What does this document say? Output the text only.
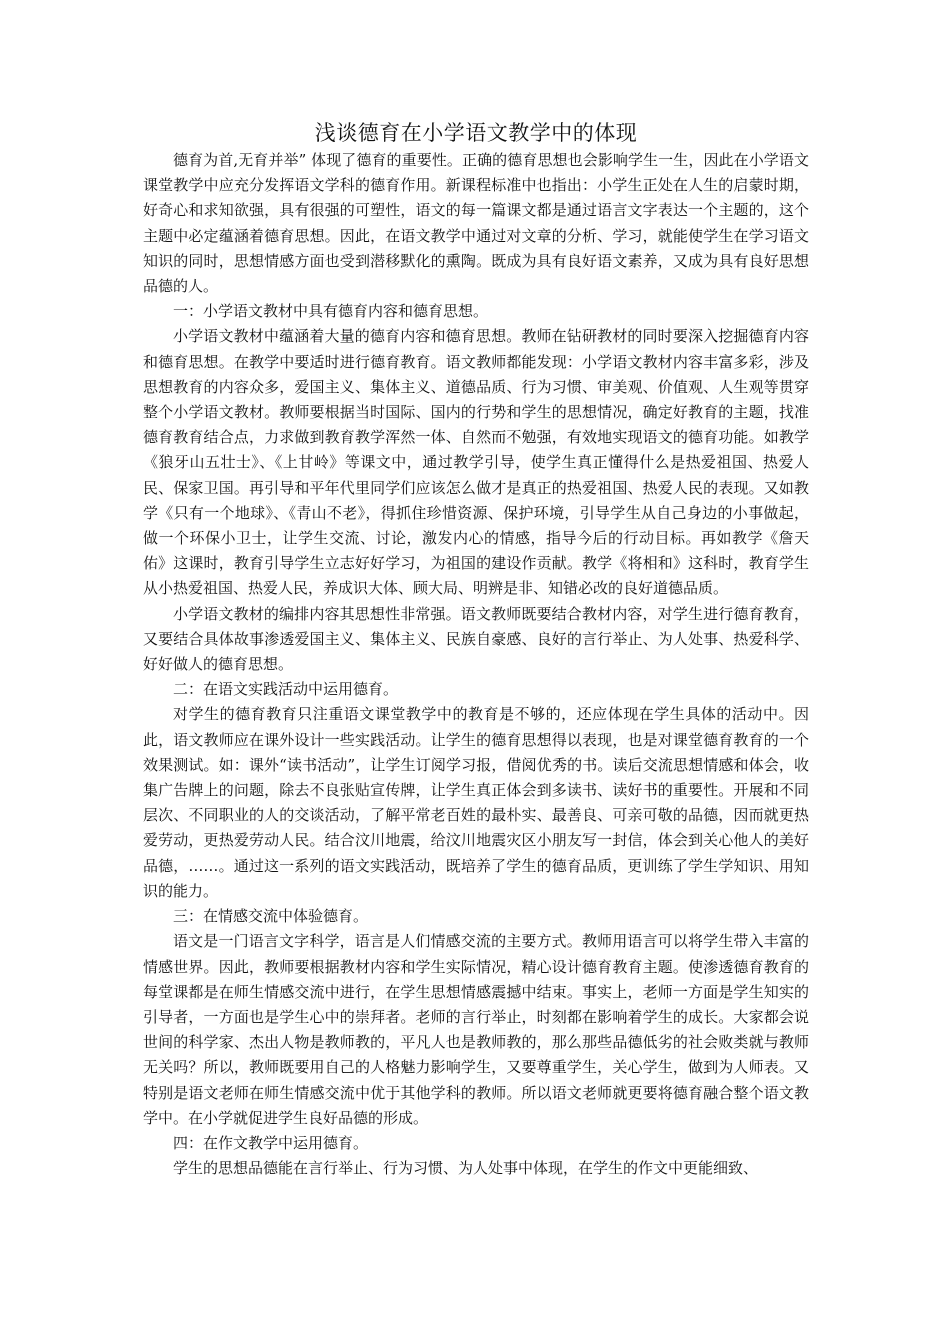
浅谈德育在小学语文教学中的体现

德育为首,无育并举” 体现了德育的重要性。正确的德育思想也会影响学生一生，因此在小学语文课堂教学中应充分发挥语文学科的德育作用。新课程标准中也指出：小学生正处在人生的启蒙时期，好奇心和求知欲强，具有很强的可塑性，语文的每一篇课文都是通过语言文字表达一个主题的，这个主题中必定蕴涵着德育思想。因此，在语文教学中通过对文章的分析、学习，就能使学生在学习语文知识的同时，思想情感方面也受到潜移默化的熏陶。既成为具有良好语文素养，又成为具有良好思想品德的人。

一：小学语文教材中具有德育内容和德育思想。

小学语文教材中蕴涵着大量的德育内容和德育思想。教师在钻研教材的同时要深入挖掘德育内容和德育思想。在教学中要适时进行德育教育。语文教师都能发现：小学语文教材内容丰富多彩，涉及思想教育的内容众多，爱国主义、集体主义、道德品质、行为习惯、审美观、价值观、人生观等贯穿整个小学语文教材。教师要根据当时国际、国内的行势和学生的思想情况，确定好教育的主题，找准德育教育结合点，力求做到教育教学浑然一体、自然而不勉强，有效地实现语文的德育功能。如教学《狼牙山五壮士》、《上甘岭》等课文中，通过教学引导，使学生真正懂得什么是热爱祖国、热爱人民、保家卫国。再引导和平年代里同学们应该怎么做才是真正的热爱祖国、热爱人民的表现。又如教学《只有一个地球》、《青山不老》，得抓住珍惜资源、保护环境，引导学生从自己身边的小事做起，做一个环保小卫士，让学生交流、讨论，激发内心的情感，指导今后的行动目标。再如教学《詹天佑》这课时，教育引导学生立志好好学习，为祖国的建设作贡献。教学《将相和》这科时，教育学生从小热爱祖国、热爱人民，养成识大体、顾大局、明辨是非、知错必改的良好道德品质。

小学语文教材的编排内容其思想性非常强。语文教师既要结合教材内容，对学生进行德育教育，又要结合具体故事渗透爱国主义、集体主义、民族自豪感、良好的言行举止、为人处事、热爱科学、好好做人的德育思想。

二：在语文实践活动中运用德育。

对学生的德育教育只注重语文课堂教学中的教育是不够的，还应体现在学生具体的活动中。因此，语文教师应在课外设计一些实践活动。让学生的德育思想得以表现，也是对课堂德育教育的一个效果测试。如：课外“读书活动”，让学生订阅学习报，借阅优秀的书。读后交流思想情感和体会，收集广告牌上的问题，除去不良张贴宣传牌，让学生真正体会到多读书、读好书的重要性。开展和不同层次、不同职业的人的交谈活动，了解平常老百姓的最朴实、最善良、可亲可敬的品德，因而就更热爱劳动，更热爱劳动人民。结合汶川地震，给汶川地震灾区小朋友写一封信，体会到关心他人的美好品德，……。通过这一系列的语文实践活动，既培养了学生的德育品质，更训练了学生学知识、用知识的能力。

三：在情感交流中体验德育。

语文是一门语言文字科学，语言是人们情感交流的主要方式。教师用语言可以将学生带入丰富的情感世界。因此，教师要根据教材内容和学生实际情况，精心设计德育教育主题。使渗透德育教育的每堂课都是在师生情感交流中进行，在学生思想情感震撼中结束。事实上，老师一方面是学生知实的引导者，一方面也是学生心中的崇拜者。老师的言行举止，时刻都在影响着学生的成长。大家都会说世间的科学家、杰出人物是教师教的，平凡人也是教师教的，那么那些品德低劣的社会败类就与教师无关吗？所以，教师既要用自己的人格魅力影响学生，又要尊重学生，关心学生，做到为人师表。又特别是语文老师在师生情感交流中优于其他学科的教师。所以语文老师就更要将德育融合整个语文教学中。在小学就促进学生良好品德的形成。

四：在作文教学中运用德育。

学生的思想品德能在言行举止、行为习惯、为人处事中体现，在学生的作文中更能细致、
